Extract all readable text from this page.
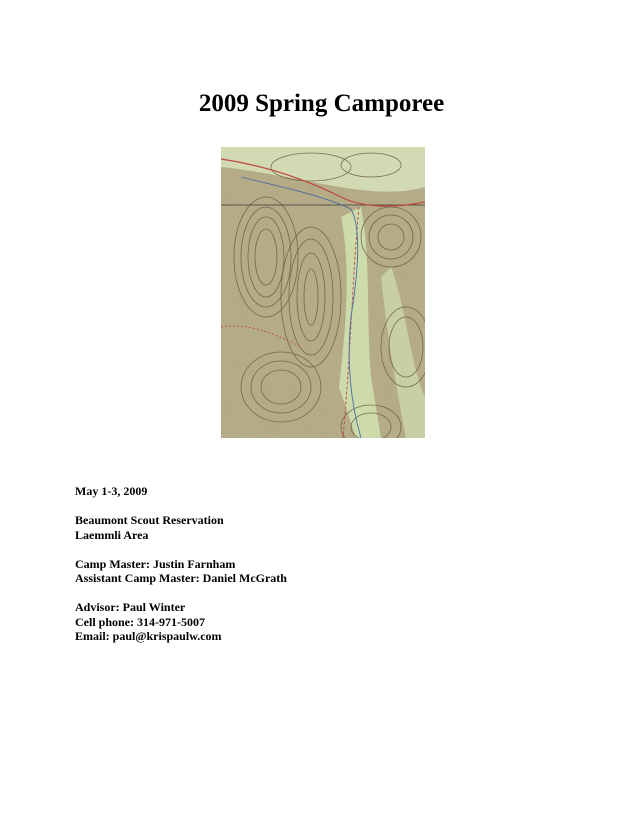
2009 Spring Camporee
May 1-3, 2009
Beaumont Scout Reservation
Laemmli Area
Camp Master: Justin Farnham
Assistant Camp Master: Daniel McGrath
Advisor: Paul Winter
Cell phone: 314-971-5007
Email: paul@krispaulw.com
